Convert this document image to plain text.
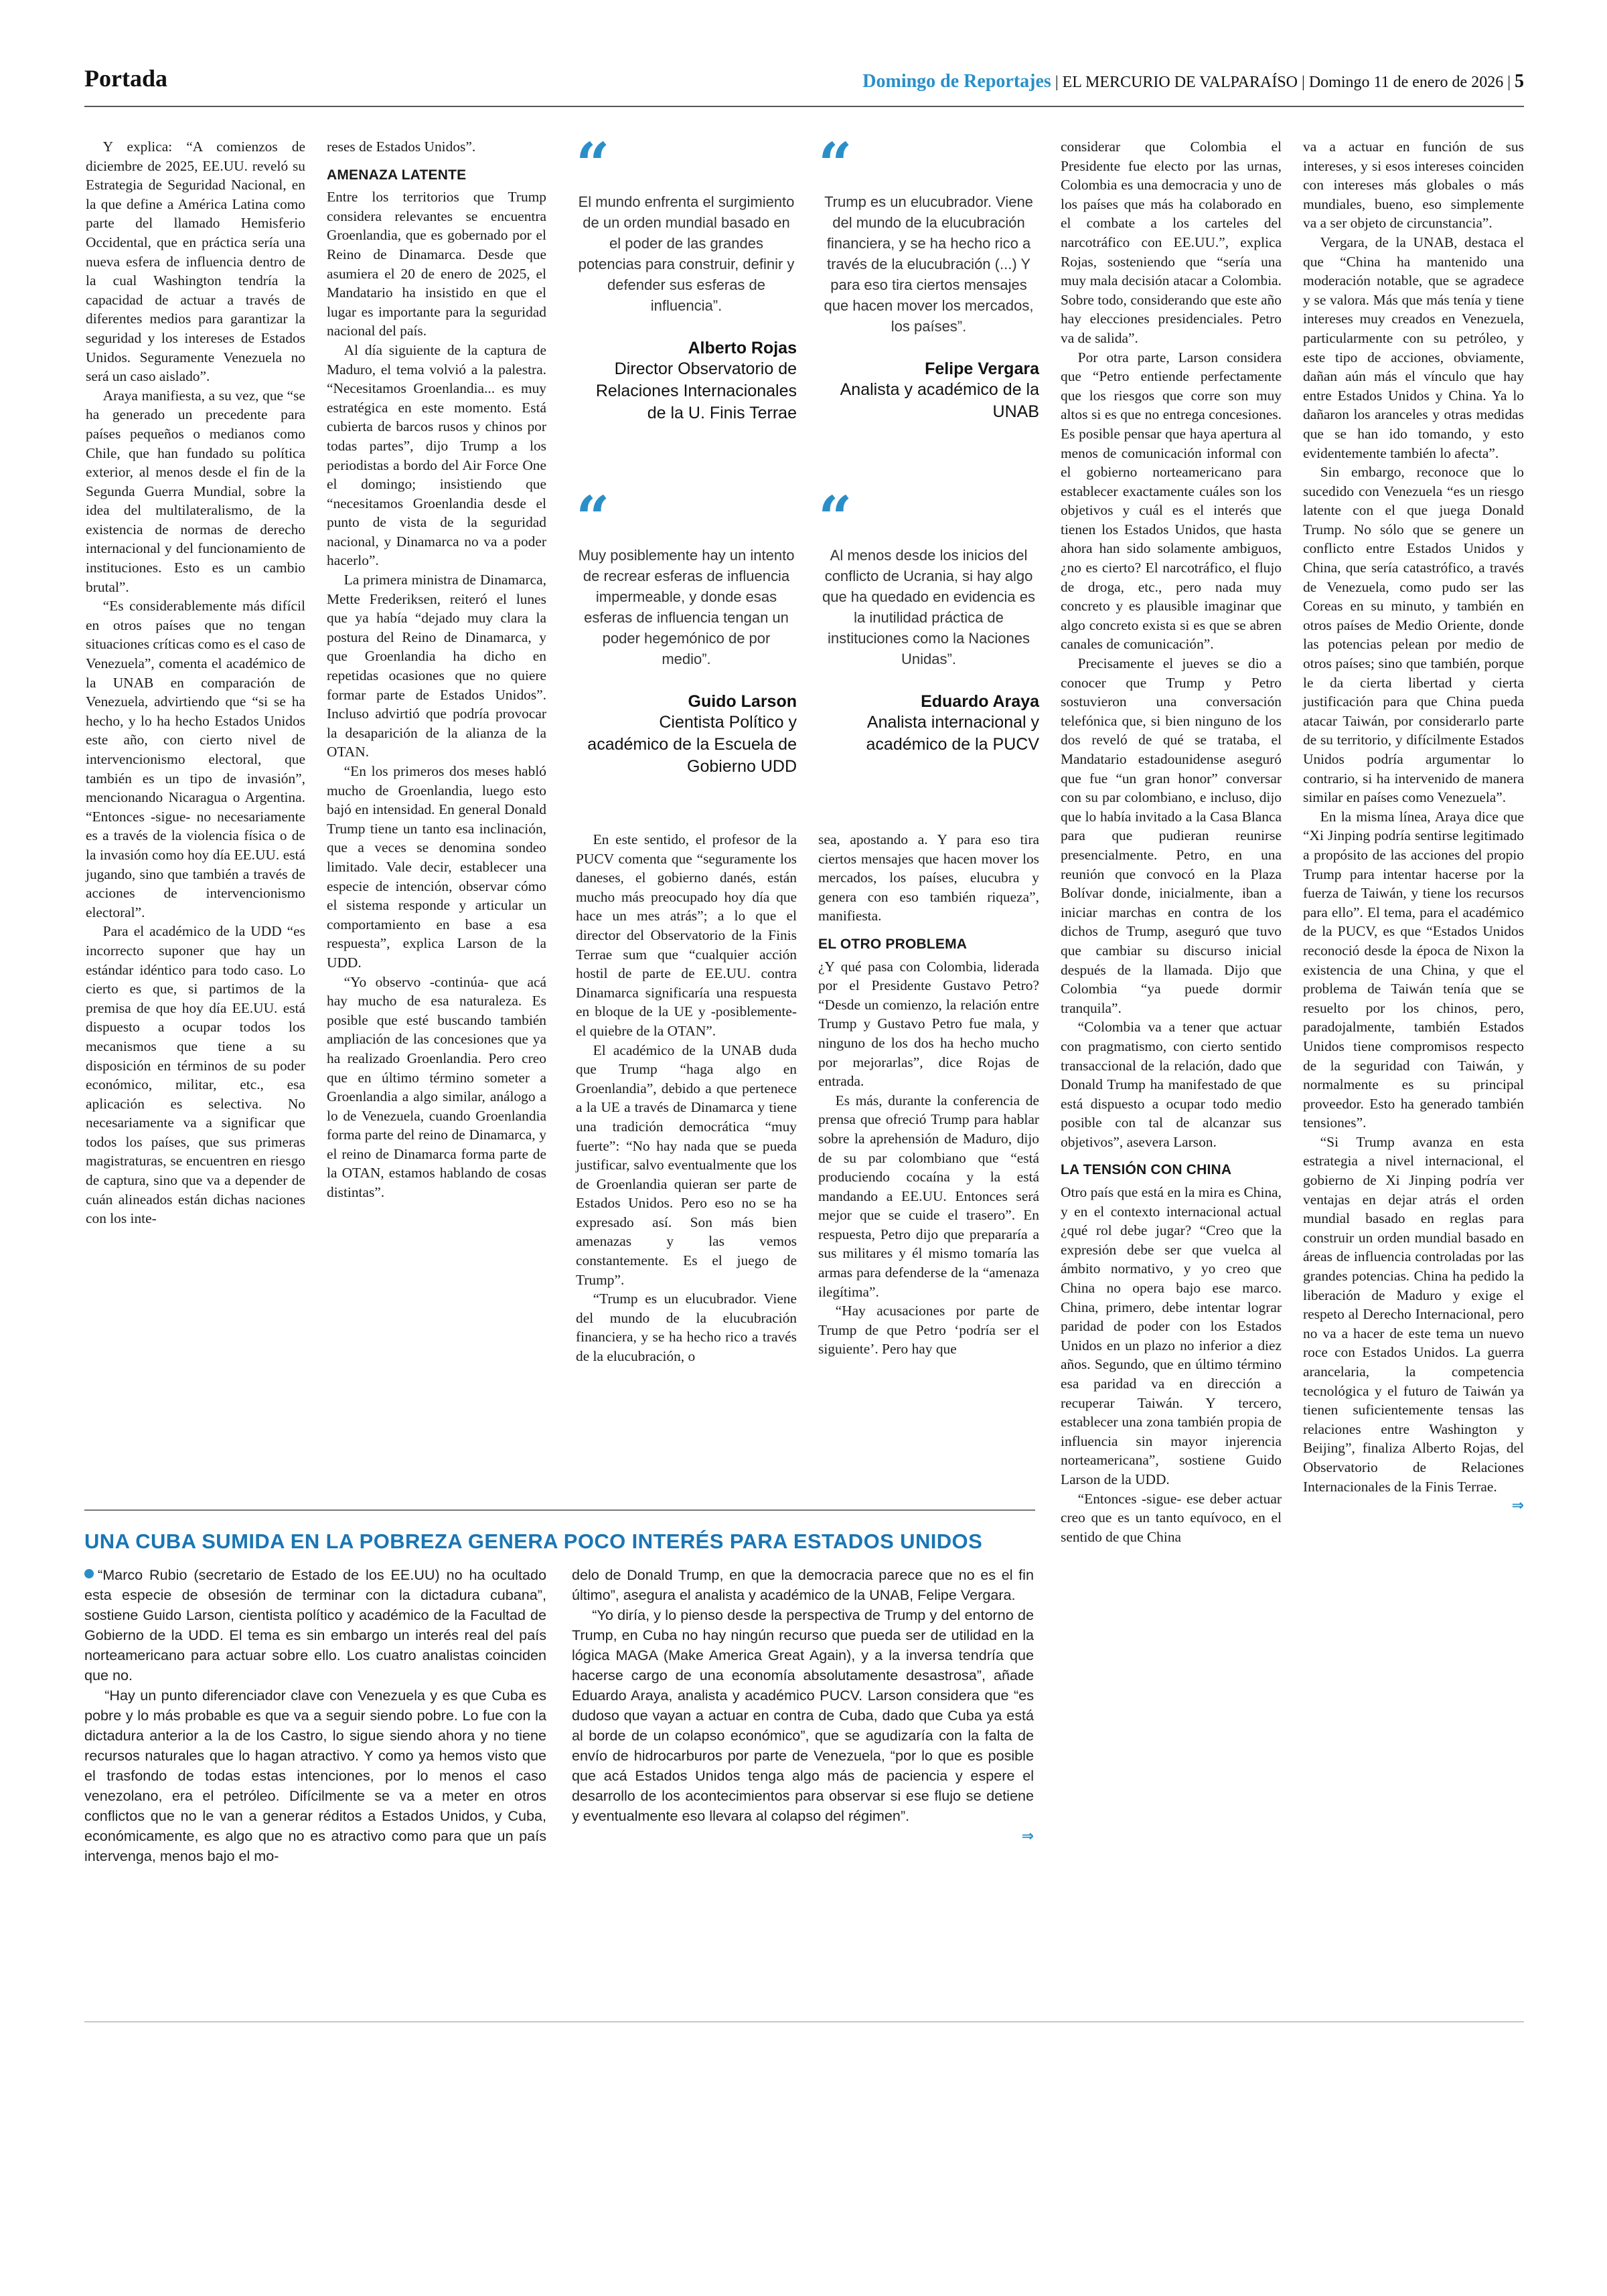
Portada	Domingo de Reportajes | EL MERCURIO DE VALPARAÍSO | Domingo 11 de enero de 2026 | 5

Y explica: “A comienzos de diciembre de 2025, EE.UU. reveló su Estrategia de Seguridad Nacional, en la que define a América Latina como parte del llamado Hemisferio Occidental, que en práctica sería una nueva esfera de influencia dentro de la cual Washington tendría la capacidad de actuar a través de diferentes medios para garantizar la seguridad y los intereses de Estados Unidos. Seguramente Venezuela no será un caso aislado”.

Araya manifiesta, a su vez, que “se ha generado un precedente para países pequeños o medianos como Chile, que han fundado su política exterior, al menos desde el fin de la Segunda Guerra Mundial, sobre la idea del multilateralismo, de la existencia de normas de derecho internacional y del funcionamiento de instituciones. Esto es un cambio brutal”.

“Es considerablemente más difícil en otros países que no tengan situaciones críticas como es el caso de Venezuela”, comenta el académico de la UNAB en comparación de Venezuela, advirtiendo que “si se ha hecho, y lo ha hecho Estados Unidos este año, con cierto nivel de intervencionismo electoral, que también es un tipo de invasión”, mencionando Nicaragua o Argentina. “Entonces -sigue- no necesariamente es a través de la violencia física o de la invasión como hoy día EE.UU. está jugando, sino que también a través de acciones de intervencionismo electoral”.

Para el académico de la UDD “es incorrecto suponer que hay un estándar idéntico para todo caso. Lo cierto es que, si partimos de la premisa de que hoy día EE.UU. está dispuesto a ocupar todos los mecanismos que tiene a su disposición en términos de su poder económico, militar, etc., esa aplicación es selectiva. No necesariamente va a significar que todos los países, que sus primeras magistraturas, se encuentren en riesgo de captura, sino que va a depender de cuán alineados están dichas naciones con los inte-

reses de Estados Unidos”.

AMENAZA LATENTE

Entre los territorios que Trump considera relevantes se encuentra Groenlandia, que es gobernado por el Reino de Dinamarca. Desde que asumiera el 20 de enero de 2025, el Mandatario ha insistido en que el lugar es importante para la seguridad nacional del país.

Al día siguiente de la captura de Maduro, el tema volvió a la palestra. “Necesitamos Groenlandia... es muy estratégica en este momento. Está cubierta de barcos rusos y chinos por todas partes”, dijo Trump a los periodistas a bordo del Air Force One el domingo; insistiendo que “necesitamos Groenlandia desde el punto de vista de la seguridad nacional, y Dinamarca no va a poder hacerlo”.

La primera ministra de Dinamarca, Mette Frederiksen, reiteró el lunes que ya había “dejado muy clara la postura del Reino de Dinamarca, y que Groenlandia ha dicho en repetidas ocasiones que no quiere formar parte de Estados Unidos”. Incluso advirtió que podría provocar la desaparición de la alianza de la OTAN.

“En los primeros dos meses habló mucho de Groenlandia, luego esto bajó en intensidad. En general Donald Trump tiene un tanto esa inclinación, que a veces se denomina sondeo limitado. Vale decir, establecer una especie de intención, observar cómo el sistema responde y articular un comportamiento en base a esa respuesta”, explica Larson de la UDD.

“Yo observo -continúa- que acá hay mucho de esa naturaleza. Es posible que esté buscando también ampliación de las concesiones que ya ha realizado Groenlandia. Pero creo que en último término someter a Groenlandia a algo similar, análogo a lo de Venezuela, cuando Groenlandia forma parte del reino de Dinamarca, y el reino de Dinamarca forma parte de la OTAN, estamos hablando de cosas distintas”.

“
El mundo enfrenta el surgimiento de un orden mundial basado en el poder de las grandes potencias para construir, definir y defender sus esferas de influencia”.
Alberto Rojas
Director Observatorio de Relaciones Internacionales de la U. Finis Terrae
“
Trump es un elucubrador. Viene del mundo de la elucubración financiera, y se ha hecho rico a través de la elucubración (...) Y para eso tira ciertos mensajes que hacen mover los mercados, los países”.
Felipe Vergara
Analista y académico de la UNAB
“
Muy posiblemente hay un intento de recrear esferas de influencia impermeable, y donde esas esferas de influencia tengan un poder hegemónico de por medio”.
Guido Larson
Cientista Político y académico de la Escuela de Gobierno UDD
“
Al menos desde los inicios del conflicto de Ucrania, si hay algo que ha quedado en evidencia es la inutilidad práctica de instituciones como la Naciones Unidas”.
Eduardo Araya
Analista internacional y académico de la PUCV

En este sentido, el profesor de la PUCV comenta que “seguramente los daneses, el gobierno danés, están mucho más preocupado hoy día que hace un mes atrás”; a lo que el director del Observatorio de la Finis Terrae sum que “cualquier acción hostil de parte de EE.UU. contra Dinamarca significaría una respuesta en bloque de la UE y -posiblemente- el quiebre de la OTAN”.

El académico de la UNAB duda que Trump “haga algo en Groenlandia”, debido a que pertenece a la UE a través de Dinamarca y tiene una tradición democrática “muy fuerte”: “No hay nada que se pueda justificar, salvo eventualmente que los de Groenlandia quieran ser parte de Estados Unidos. Pero eso no se ha expresado así. Son más bien amenazas y las vemos constantemente. Es el juego de Trump”.

“Trump es un elucubrador. Viene del mundo de la elucubración financiera, y se ha hecho rico a través de la elucubración, o

sea, apostando a. Y para eso tira ciertos mensajes que hacen mover los mercados, los países, elucubra y genera con eso también riqueza”, manifiesta.

EL OTRO PROBLEMA

¿Y qué pasa con Colombia, liderada por el Presidente Gustavo Petro? “Desde un comienzo, la relación entre Trump y Gustavo Petro fue mala, y ninguno de los dos ha hecho mucho por mejorarlas”, dice Rojas de entrada.

Es más, durante la conferencia de prensa que ofreció Trump para hablar sobre la aprehensión de Maduro, dijo de su par colombiano que “está produciendo cocaína y la está mandando a EE.UU. Entonces será mejor que se cuide el trasero”. En respuesta, Petro dijo que prepararía a sus militares y él mismo tomaría las armas para defenderse de la “amenaza ilegítima”.

“Hay acusaciones por parte de Trump de que Petro ‘podría ser el siguiente’. Pero hay que

considerar que Colombia el Presidente fue electo por las urnas, Colombia es una democracia y uno de los países que más ha colaborado en el combate a los carteles del narcotráfico con EE.UU.”, explica Rojas, sosteniendo que “sería una muy mala decisión atacar a Colombia. Sobre todo, considerando que este año hay elecciones presidenciales. Petro va de salida”.

Por otra parte, Larson considera que “Petro entiende perfectamente que los riesgos que corre son muy altos si es que no entrega concesiones. Es posible pensar que haya apertura al menos de comunicación informal con el gobierno norteamericano para establecer exactamente cuáles son los objetivos y cuál es el interés que tienen los Estados Unidos, que hasta ahora han sido solamente ambiguos, ¿no es cierto? El narcotráfico, el flujo de droga, etc., pero nada muy concreto y es plausible imaginar que algo concreto exista si es que se abren canales de comunicación”.

Precisamente el jueves se dio a conocer que Trump y Petro sostuvieron una conversación telefónica que, si bien ninguno de los dos reveló de qué se trataba, el Mandatario estadounidense aseguró que fue “un gran honor” conversar con su par colombiano, e incluso, dijo que lo había invitado a la Casa Blanca para que pudieran reunirse presencialmente. Petro, en una reunión que convocó en la Plaza Bolívar donde, inicialmente, iban a iniciar marchas en contra de los dichos de Trump, aseguró que tuvo que cambiar su discurso inicial después de la llamada. Dijo que Colombia “ya puede dormir tranquila”.

“Colombia va a tener que actuar con pragmatismo, con cierto sentido transaccional de la relación, dado que Donald Trump ha manifestado de que está dispuesto a ocupar todo medio posible con tal de alcanzar sus objetivos”, asevera Larson.

LA TENSIÓN CON CHINA

Otro país que está en la mira es China, y en el contexto internacional actual ¿qué rol debe jugar? “Creo que la expresión debe ser que vuelca al ámbito normativo, y yo creo que China no opera bajo ese marco. China, primero, debe intentar lograr paridad de poder con los Estados Unidos en un plazo no inferior a diez años. Segundo, que en último término esa paridad va en dirección a recuperar Taiwán. Y tercero, establecer una zona también propia de influencia sin mayor injerencia norteamericana”, sostiene Guido Larson de la UDD.

“Entonces -sigue- ese deber actuar creo que es un tanto equívoco, en el sentido de que China

va a actuar en función de sus intereses, y si esos intereses coinciden con intereses más globales o más mundiales, bueno, eso simplemente va a ser objeto de circunstancia”.

Vergara, de la UNAB, destaca el que “China ha mantenido una moderación notable, que se agradece y se valora. Más que más tenía y tiene intereses muy creados en Venezuela, particularmente con su petróleo, y este tipo de acciones, obviamente, dañan aún más el vínculo que hay entre Estados Unidos y China. Ya lo dañaron los aranceles y otras medidas que se han ido tomando, y esto evidentemente también lo afecta”.

Sin embargo, reconoce que lo sucedido con Venezuela “es un riesgo latente con el que juega Donald Trump. No sólo que se genere un conflicto entre Estados Unidos y China, que sería catastrófico, a través de Venezuela, como pudo ser las Coreas en su minuto, y también en otros países de Medio Oriente, donde las potencias pelean por medio de otros países; sino que también, porque le da cierta libertad y cierta justificación para que China pueda atacar Taiwán, por considerarlo parte de su territorio, y difícilmente Estados Unidos podría argumentar lo contrario, si ha intervenido de manera similar en países como Venezuela”.

En la misma línea, Araya dice que “Xi Jinping podría sentirse legitimado a propósito de las acciones del propio Trump para intentar hacerse por la fuerza de Taiwán, y tiene los recursos para ello”. El tema, para el académico de la PUCV, es que “Estados Unidos reconoció desde la época de Nixon la existencia de una China, y que el problema de Taiwán tenía que se resuelto por los chinos, pero, paradojalmente, también Estados Unidos tiene compromisos respecto de la seguridad con Taiwán, y normalmente es su principal proveedor. Esto ha generado también tensiones”.

“Si Trump avanza en esta estrategia a nivel internacional, el gobierno de Xi Jinping podría ver ventajas en dejar atrás el orden mundial basado en reglas para construir un orden mundial basado en áreas de influencia controladas por las grandes potencias. China ha pedido la liberación de Maduro y exige el respeto al Derecho Internacional, pero no va a hacer de este tema un nuevo roce con Estados Unidos. La guerra arancelaria, la competencia tecnológica y el futuro de Taiwán ya tienen suficientemente tensas las relaciones entre Washington y Beijing”, finaliza Alberto Rojas, del Observatorio de Relaciones Internacionales de la Finis Terrae.

⇒
UNA CUBA SUMIDA EN LA POBREZA GENERA POCO INTERÉS PARA ESTADOS UNIDOS

“Marco Rubio (secretario de Estado de los EE.UU) no ha ocultado esta especie de obsesión de terminar con la dictadura cubana”, sostiene Guido Larson, cientista político y académico de la Facultad de Gobierno de la UDD. El tema es sin embargo un interés real del país norteamericano para actuar sobre ello. Los cuatro analistas coinciden que no.

“Hay un punto diferenciador clave con Venezuela y es que Cuba es pobre y lo más probable es que va a seguir siendo pobre. Lo fue con la dictadura anterior a la de los Castro, lo sigue siendo ahora y no tiene recursos naturales que lo hagan atractivo. Y como ya hemos visto que el trasfondo de todas estas intenciones, por lo menos el caso venezolano, era el petróleo. Difícilmente se va a meter en otros conflictos que no le van a generar réditos a Estados Unidos, y Cuba, económicamente, es algo que no es atractivo como para que un país intervenga, menos bajo el mo-

delo de Donald Trump, en que la democracia parece que no es el fin último”, asegura el analista y académico de la UNAB, Felipe Vergara.

“Yo diría, y lo pienso desde la perspectiva de Trump y del entorno de Trump, en Cuba no hay ningún recurso que pueda ser de utilidad en la lógica MAGA (Make America Great Again), y a la inversa tendría que hacerse cargo de una economía absolutamente desastrosa”, añade Eduardo Araya, analista y académico PUCV. Larson considera que “es dudoso que vayan a actuar en contra de Cuba, dado que Cuba ya está al borde de un colapso económico”, que se agudizaría con la falta de envío de hidrocarburos por parte de Venezuela, “por lo que es posible que acá Estados Unidos tenga algo más de paciencia y espere el desarrollo de los acontecimientos para observar si ese flujo se detiene y eventualmente eso llevara al colapso del régimen”.

⇒
